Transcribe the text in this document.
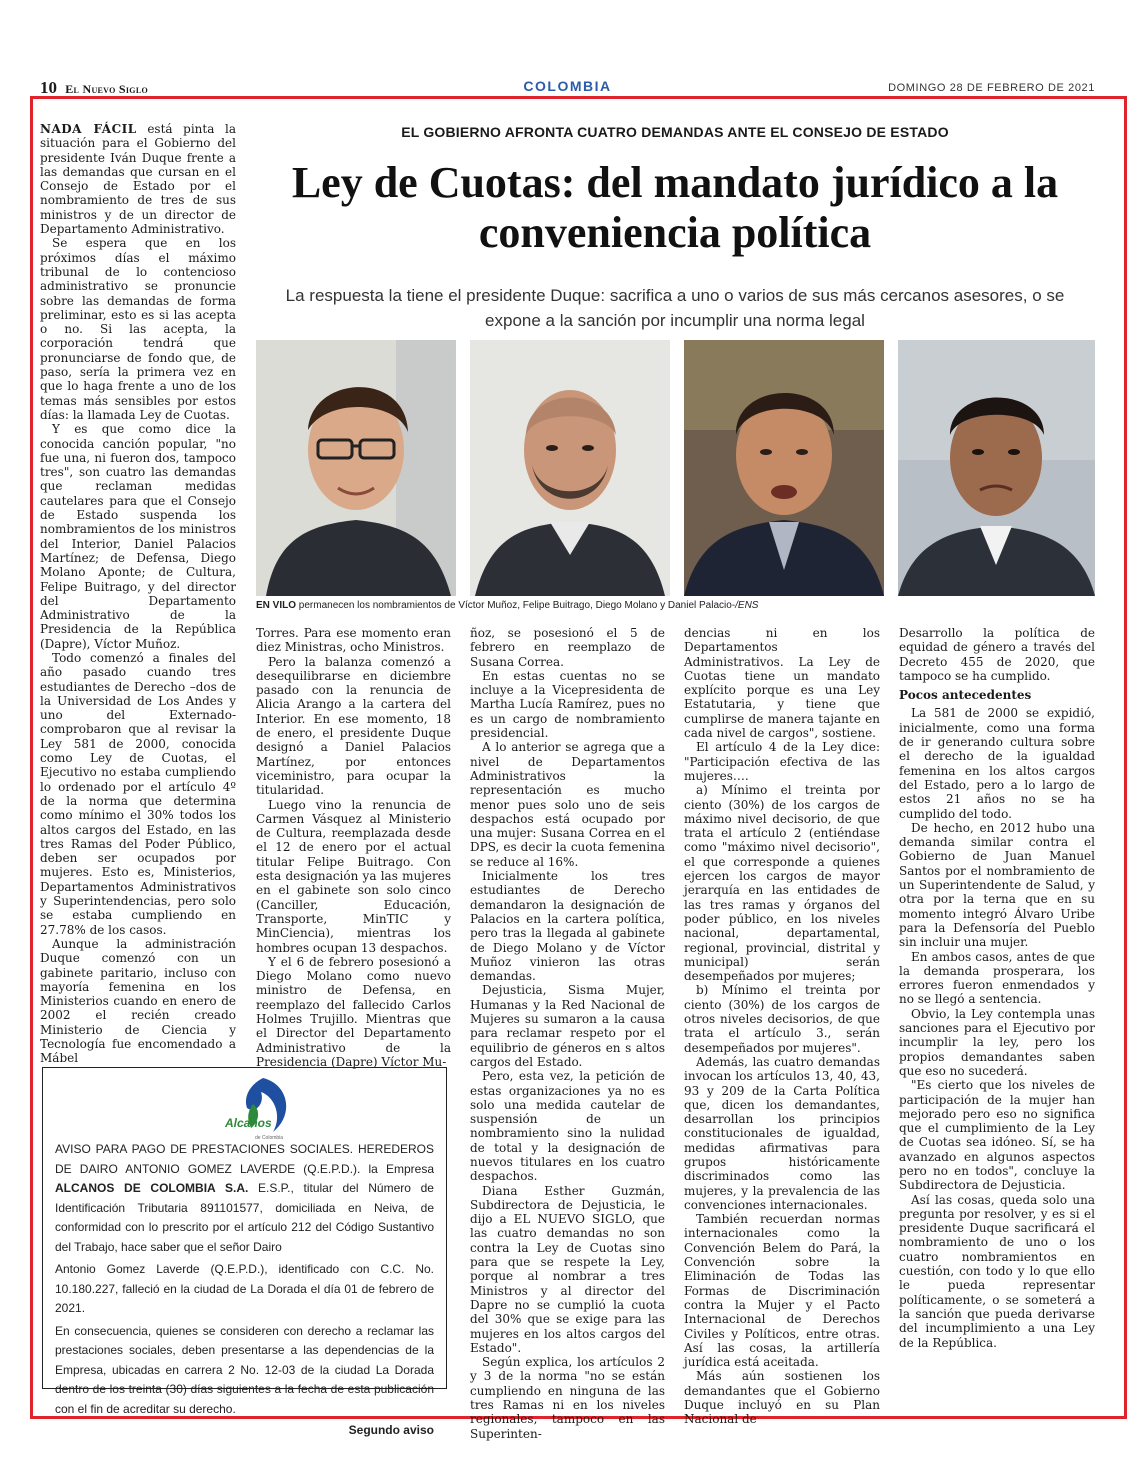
10 El Nuevo Siglo	COLOMBIA	DOMINGO 28 DE FEBRERO DE 2021

NADA FÁCIL está pinta la situación para el Gobierno del presidente Iván Duque frente a las demandas que cursan en el Consejo de Estado por el nombramiento de tres de sus ministros y de un director de Departamento Administrativo.

Se espera que en los próximos días el máximo tribunal de lo contencioso administrativo se pronuncie sobre las demandas de forma preliminar, esto es si las acepta o no. Si las acepta, la corporación tendrá que pronunciarse de fondo que, de paso, sería la primera vez en que lo haga frente a uno de los temas más sensibles por estos días: la llamada Ley de Cuotas.

Y es que como dice la conocida canción popular, "no fue una, ni fueron dos, tampoco tres", son cuatro las demandas que reclaman medidas cautelares para que el Consejo de Estado suspenda los nombramientos de los ministros del Interior, Daniel Palacios Martínez; de Defensa, Diego Molano Aponte; de Cultura, Felipe Buitrago, y del director del Departamento Administrativo de la Presidencia de la República (Dapre), Víctor Muñoz.

Todo comenzó a finales del año pasado cuando tres estudiantes de Derecho –dos de la Universidad de Los Andes y uno del Externado- comprobaron que al revisar la Ley 581 de 2000, conocida como Ley de Cuotas, el Ejecutivo no estaba cumpliendo lo ordenado por el artículo 4º de la norma que determina como mínimo el 30% todos los altos cargos del Estado, en las tres Ramas del Poder Público, deben ser ocupados por mujeres. Esto es, Ministerios, Departamentos Administrativos y Superintendencias, pero solo se estaba cumpliendo en 27.78% de los casos.

Aunque la administración Duque comenzó con un gabinete paritario, incluso con mayoría femenina en los Ministerios cuando en enero de 2002 el recién creado Ministerio de Ciencia y Tecnología fue encomendado a Mábel

EL GOBIERNO AFRONTA CUATRO DEMANDAS ANTE EL CONSEJO DE ESTADO
Ley de Cuotas: del mandato jurídico a la conveniencia política
La respuesta la tiene el presidente Duque: sacrifica a uno o varios de sus más cercanos asesores, o se expone a la sanción por incumplir una norma legal
EN VILO permanecen los nombramientos de Víctor Muñoz, Felipe Buitrago, Diego Molano y Daniel Palacio-/ENS

Torres. Para ese momento eran diez Ministras, ocho Ministros.

Pero la balanza comenzó a desequilibrarse en diciembre pasado con la renuncia de Alicia Arango a la cartera del Interior. En ese momento, 18 de enero, el presidente Duque designó a Daniel Palacios Martínez, por entonces viceministro, para ocupar la titularidad.

Luego vino la renuncia de Carmen Vásquez al Ministerio de Cultura, reemplazada desde el 12 de enero por el actual titular Felipe Buitrago. Con esta designación ya las mujeres en el gabinete son solo cinco (Canciller, Educación, Transporte, MinTIC y MinCiencia), mientras los hombres ocupan 13 despachos.

Y el 6 de febrero posesionó a Diego Molano como nuevo ministro de Defensa, en reemplazo del fallecido Carlos Holmes Trujillo. Mientras que el Director del Departamento Administrativo de la Presidencia (Dapre) Víctor Mu-

ñoz, se posesionó el 5 de febrero en reemplazo de Susana Correa.

En estas cuentas no se incluye a la Vicepresidenta de Martha Lucía Ramírez, pues no es un cargo de nombramiento presidencial.

A lo anterior se agrega que a nivel de Departamentos Administrativos la representación es mucho menor pues solo uno de seis despachos está ocupado por una mujer: Susana Correa en el DPS, es decir la cuota femenina se reduce al 16%.

Inicialmente los tres estudiantes de Derecho demandaron la designación de Palacios en la cartera política, pero tras la llegada al gabinete de Diego Molano y de Víctor Muñoz vinieron las otras demandas.

Dejusticia, Sisma Mujer, Humanas y la Red Nacional de Mujeres su sumaron a la causa para reclamar respeto por el equilibrio de géneros en s altos cargos del Estado.

Pero, esta vez, la petición de estas organizaciones ya no es solo una medida cautelar de suspensión de un nombramiento sino la nulidad de total y la designación de nuevos titulares en los cuatro despachos.

Diana Esther Guzmán, Subdirectora de Dejusticia, le dijo a EL NUEVO SIGLO, que las cuatro demandas no son contra la Ley de Cuotas sino para que se respete la Ley, porque al nombrar a tres Ministros y al director del Dapre no se cumplió la cuota del 30% que se exige para las mujeres en los altos cargos del Estado".

Según explica, los artículos 2 y 3 de la norma "no se están cumpliendo en ninguna de las tres Ramas ni en los niveles regionales, tampoco en las Superinten-

dencias ni en los Departamentos Administrativos. La Ley de Cuotas tiene un mandato explícito porque es una Ley Estatutaria, y tiene que cumplirse de manera tajante en cada nivel de cargos", sostiene.

El artículo 4 de la Ley dice: "Participación efectiva de las mujeres….

a) Mínimo el treinta por ciento (30%) de los cargos de máximo nivel decisorio, de que trata el artículo 2 (entiéndase como "máximo nivel decisorio", el que corresponde a quienes ejercen los cargos de mayor jerarquía en las entidades de las tres ramas y órganos del poder público, en los niveles nacional, departamental, regional, provincial, distrital y municipal) serán desempeñados por mujeres;

b) Mínimo el treinta por ciento (30%) de los cargos de otros niveles decisorios, de que trata el artículo 3., serán desempeñados por mujeres".

Además, las cuatro demandas invocan los artículos 13, 40, 43, 93 y 209 de la Carta Política que, dicen los demandantes, desarrollan los principios constitucionales de igualdad, medidas afirmativas para grupos históricamente discriminados como las mujeres, y la prevalencia de las convenciones internacionales.

También recuerdan normas internacionales como la Convención Belem do Pará, la Convención sobre la Eliminación de Todas las Formas de Discriminación contra la Mujer y el Pacto Internacional de Derechos Civiles y Políticos, entre otras. Así las cosas, la artillería jurídica está aceitada.

Más aún sostienen los demandantes que el Gobierno Duque incluyó en su Plan Nacional de

Desarrollo la política de equidad de género a través del Decreto 455 de 2020, que tampoco se ha cumplido.

Pocos antecedentes

La 581 de 2000 se expidió, inicialmente, como una forma de ir generando cultura sobre el derecho de la igualdad femenina en los altos cargos del Estado, pero a lo largo de estos 21 años no se ha cumplido del todo.

De hecho, en 2012 hubo una demanda similar contra el Gobierno de Juan Manuel Santos por el nombramiento de un Superintendente de Salud, y otra por la terna que en su momento integró Álvaro Uribe para la Defensoría del Pueblo sin incluir una mujer.

En ambos casos, antes de que la demanda prosperara, los errores fueron enmendados y no se llegó a sentencia.

Obvio, la Ley contempla unas sanciones para el Ejecutivo por incumplir la ley, pero los propios demandantes saben que eso no sucederá.

"Es cierto que los niveles de participación de la mujer han mejorado pero eso no significa que el cumplimiento de la Ley de Cuotas sea idóneo. Sí, se ha avanzado en algunos aspectos pero no en todos", concluye la Subdirectora de Dejusticia.

Así las cosas, queda solo una pregunta por resolver, y es si el presidente Duque sacrificará el nombramiento de uno o los cuatro nombramientos en cuestión, con todo y lo que ello le pueda representar políticamente, o se someterá a la sanción que pueda derivarse del incumplimiento a una Ley de la República.

Alcanos
de Colombia

AVISO PARA PAGO DE PRESTACIONES SOCIALES. HEREDEROS DE DAIRO ANTONIO GOMEZ LAVERDE (Q.E.P.D.). la Empresa ALCANOS DE COLOMBIA S.A. E.S.P., titular del Número de Identificación Tributaria 891101577, domiciliada en Neiva, de conformidad con lo prescrito por el artículo 212 del Código Sustantivo del Trabajo, hace saber que el señor Dairo

Antonio Gomez Laverde (Q.E.P.D.), identificado con C.C. No. 10.180.227, falleció en la ciudad de La Dorada el día 01 de febrero de 2021.

En consecuencia, quienes se consideren con derecho a reclamar las prestaciones sociales, deben presentarse a las dependencias de la Empresa, ubicadas en carrera 2 No. 12-03 de la ciudad La Dorada dentro de los treinta (30) días siguientes a la fecha de esta publicación con el fin de acreditar su derecho.

Segundo aviso
